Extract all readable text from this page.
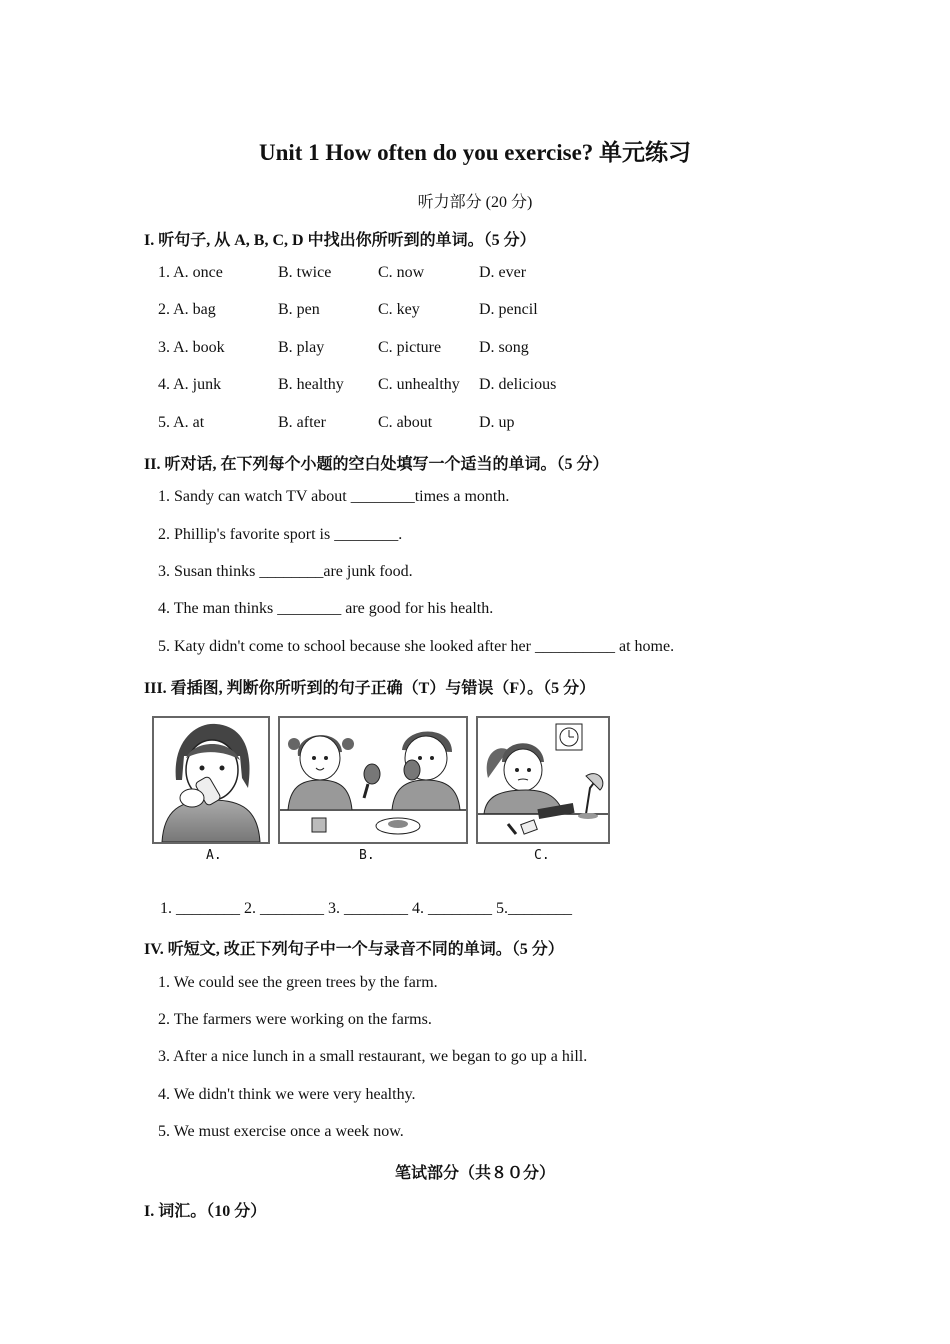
Unit 1 How often do you exercise? 单元练习
听力部分 (20 分)
I. 听句子, 从 A, B, C, D 中找出你所听到的单词。（5 分）
1. A. once	B. twice	C. now	D. ever
2. A. bag	B. pen	C. key	D. pencil
3. A. book	B. play	C. picture D. song
4. A. junk	B. healthy C. unhealthy D. delicious
5. A. at	B. after	C. about	D. up
II. 听对话, 在下列每个小题的空白处填写一个适当的单词。（5 分）
1. Sandy can watch TV about ________times a month.
2. Phillip's favorite sport is ________.
3. Susan thinks ________are junk food.
4. The man thinks ________ are good for his health.
5. Katy didn't come to school because she looked after her __________ at home.
III. 看插图, 判断你所听到的句子正确（T）与错误（F）。（5 分）
A.	B.	C.
1. ________ 2. ________ 3. ________ 4. ________ 5.________
IV. 听短文, 改正下列句子中一个与录音不同的单词。（5 分）
1. We could see the green trees by the farm.
2. The farmers were working on the farms.
3. After a nice lunch in a small restaurant, we began to go up a hill.
4. We didn't think we were very healthy.
5. We must exercise once a week now.
笔试部分（共８０分）
I. 词汇。（10 分）
